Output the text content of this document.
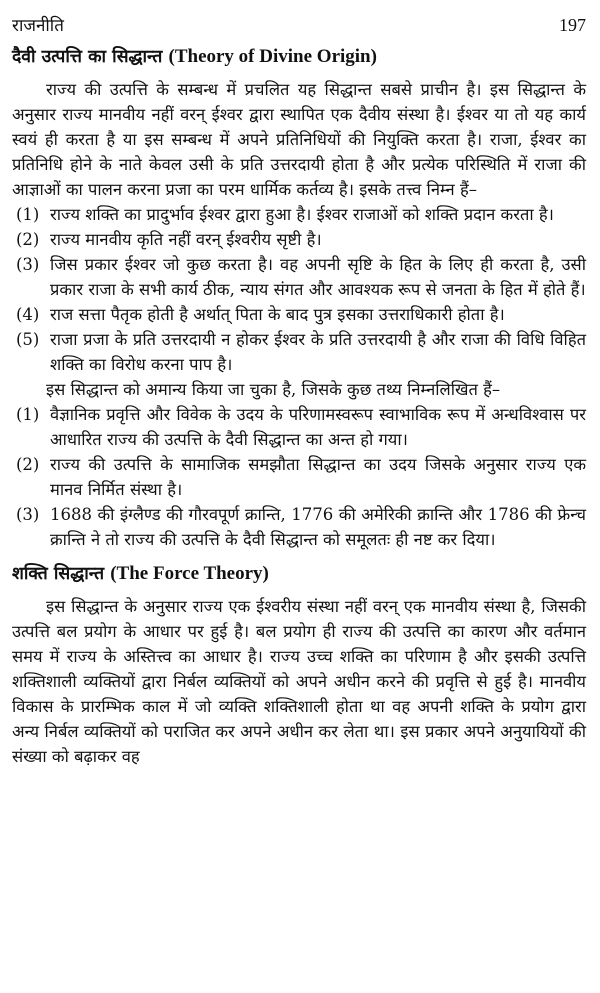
राजनीति	197
दैवी उत्पत्ति का सिद्धान्त (Theory of Divine Origin)

राज्य की उत्पत्ति के सम्बन्ध में प्रचलित यह सिद्धान्त सबसे प्राचीन है। इस सिद्धान्त के अनुसार राज्य मानवीय नहीं वरन् ईश्वर द्वारा स्थापित एक दैवीय संस्था है। ईश्वर या तो यह कार्य स्वयं ही करता है या इस सम्बन्ध में अपने प्रतिनिधियों की नियुक्ति करता है। राजा, ईश्वर का प्रतिनिधि होने के नाते केवल उसी के प्रति उत्तरदायी होता है और प्रत्येक परिस्थिति में राजा की आज्ञाओं का पालन करना प्रजा का परम धार्मिक कर्तव्य है। इसके तत्त्व निम्न हैं–

(1) राज्य शक्ति का प्रादुर्भाव ईश्वर द्वारा हुआ है। ईश्वर राजाओं को शक्ति प्रदान करता है।
(2) राज्य मानवीय कृति नहीं वरन् ईश्वरीय सृष्टी है।
(3) जिस प्रकार ईश्वर जो कुछ करता है। वह अपनी सृष्टि के हित के लिए ही करता है, उसी प्रकार राजा के सभी कार्य ठीक, न्याय संगत और आवश्यक रूप से जनता के हित में होते हैं।
(4) राज सत्ता पैतृक होती है अर्थात् पिता के बाद पुत्र इसका उत्तराधिकारी होता है।
(5) राजा प्रजा के प्रति उत्तरदायी न होकर ईश्वर के प्रति उत्तरदायी है और राजा की विधि विहित शक्ति का विरोध करना पाप है।

इस सिद्धान्त को अमान्य किया जा चुका है, जिसके कुछ तथ्य निम्नलिखित हैं–

(1) वैज्ञानिक प्रवृत्ति और विवेक के उदय के परिणामस्वरूप स्वाभाविक रूप में अन्धविश्वास पर आधारित राज्य की उत्पत्ति के दैवी सिद्धान्त का अन्त हो गया।
(2) राज्य की उत्पत्ति के सामाजिक समझौता सिद्धान्त का उदय जिसके अनुसार राज्य एक मानव निर्मित संस्था है।
(3) 1688 की इंग्लैण्ड की गौरवपूर्ण क्रान्ति, 1776 की अमेरिकी क्रान्ति और 1786 की फ्रेन्च क्रान्ति ने तो राज्य की उत्पत्ति के दैवी सिद्धान्त को समूलतः ही नष्ट कर दिया।
शक्ति सिद्धान्त (The Force Theory)

इस सिद्धान्त के अनुसार राज्य एक ईश्वरीय संस्था नहीं वरन् एक मानवीय संस्था है, जिसकी उत्पत्ति बल प्रयोग के आधार पर हुई है। बल प्रयोग ही राज्य की उत्पत्ति का कारण और वर्तमान समय में राज्य के अस्तित्त्व का आधार है। राज्य उच्च शक्ति का परिणाम है और इसकी उत्पत्ति शक्तिशाली व्यक्तियों द्वारा निर्बल व्यक्तियों को अपने अधीन करने की प्रवृत्ति से हुई है। मानवीय विकास के प्रारम्भिक काल में जो व्यक्ति शक्तिशाली होता था वह अपनी शक्ति के प्रयोग द्वारा अन्य निर्बल व्यक्तियों को पराजित कर अपने अधीन कर लेता था। इस प्रकार अपने अनुयायियों की संख्या को बढ़ाकर वह
